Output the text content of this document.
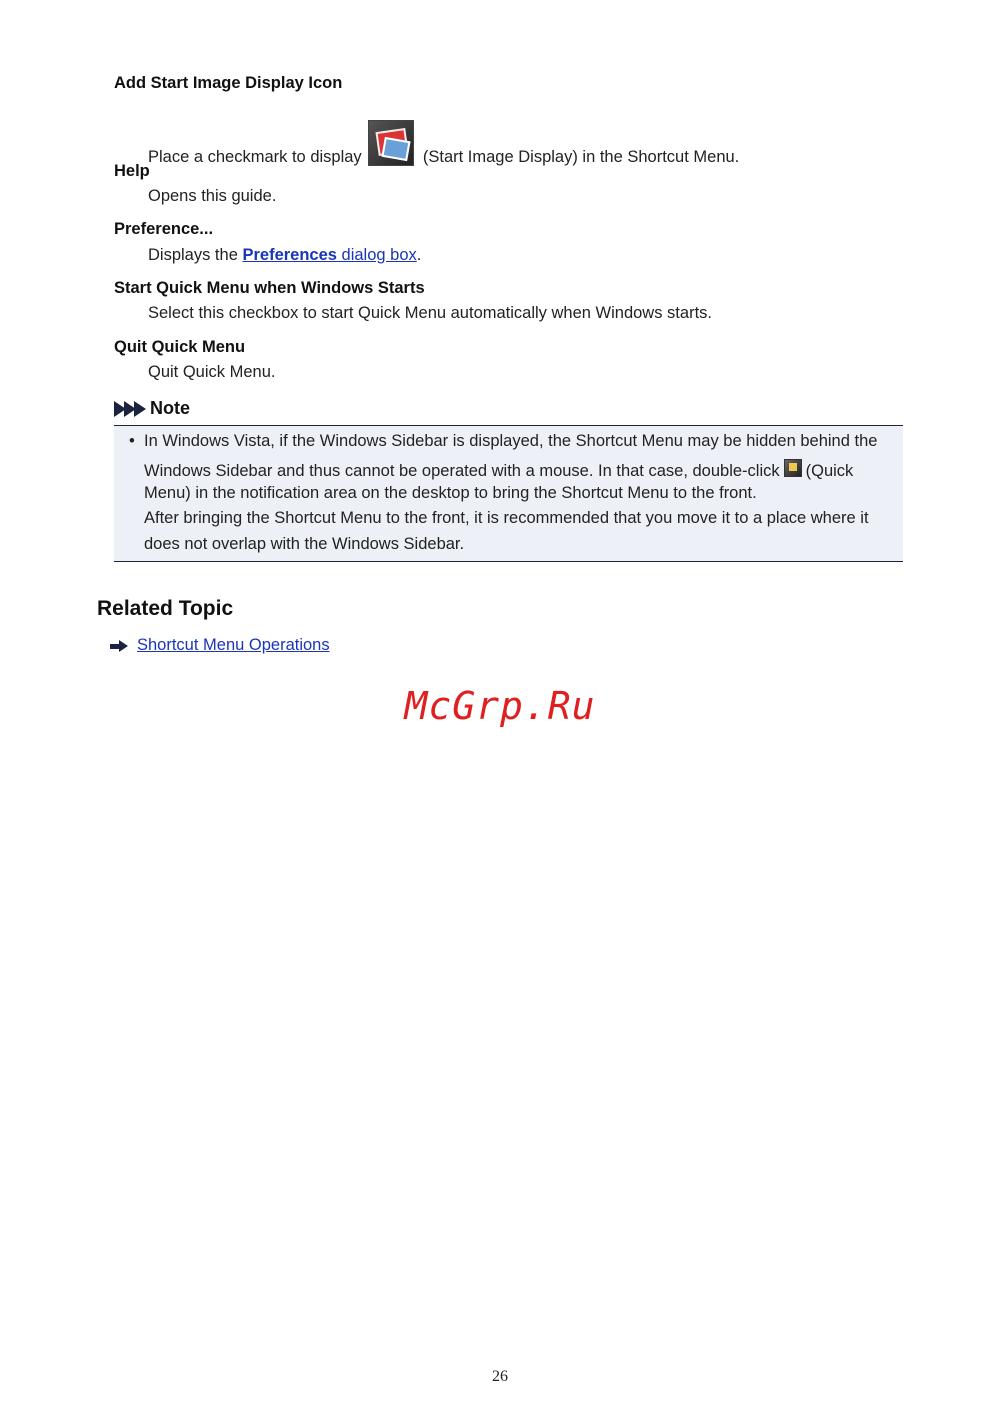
Add Start Image Display Icon
Place a checkmark to display	(Start Image Display) in the Shortcut Menu.
Help
Opens this guide.
Preference...
Displays the Preferences dialog box.
Start Quick Menu when Windows Starts
Select this checkbox to start Quick Menu automatically when Windows starts.
Quit Quick Menu
Quit Quick Menu.
Note
• In Windows Vista, if the Windows Sidebar is displayed, the Shortcut Menu may be hidden behind the
Windows Sidebar and thus cannot be operated with a mouse. In that case, double-click (Quick
Menu) in the notification area on the desktop to bring the Shortcut Menu to the front.
After bringing the Shortcut Menu to the front, it is recommended that you move it to a place where it
does not overlap with the Windows Sidebar.
Related Topic
Shortcut Menu Operations
McGrp.Ru
26
